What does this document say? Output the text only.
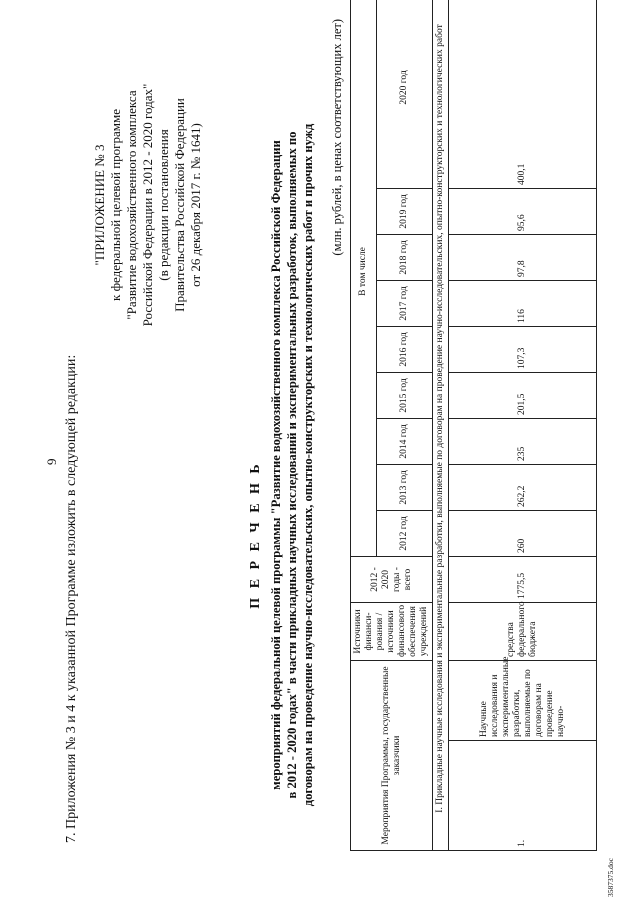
9 7. Приложения № 3 и 4 к указанной Программе изложить в следующей редакции:
"ПРИЛОЖЕНИЕ № 3 к федеральной целевой программе "Развитие водохозяйственного комплекса Российской Федерации в 2012 - 2020 годах" (в редакции постановления Правительства Российской Федерации от 26 декабря 2017 г. № 1641)
П Е Р Е Ч Е Н Ь мероприятий федеральной целевой программы "Развитие водохозяйственного комплекса Российской Федерации в 2012 - 2020 годах" в части прикладных научных исследований и экспериментальных разработок, выполняемых по договорам на проведение научно-исследовательских, опытно-конструкторских и технологических работ и прочих нужд (млн. рублей, в ценах соответствующих лет)
Мероприятия Программы, государственные заказчики		Источники финанси-рования / источники финансового обеспечения учреждений	2012 - 2020 годы - всего	В том числе	
				2012 год	2013 год	2014 год	2015 год	2016 год	2017 год	2018 год	2019 год	2020 год	
I. Прикладные научные исследования и экспериментальные разработки, выполняемые по договорам на проведение научно-исследовательских, опытно-конструкторских и технологических работ													
1.	Научные исследования и экспериментальные разработки, выполняемые по договорам на проведение научно-	средства федерального бюджета	1775,5	260	262,2	235	201,5	107,3	116	97,8	95,6	400,1	
3587375.doc
